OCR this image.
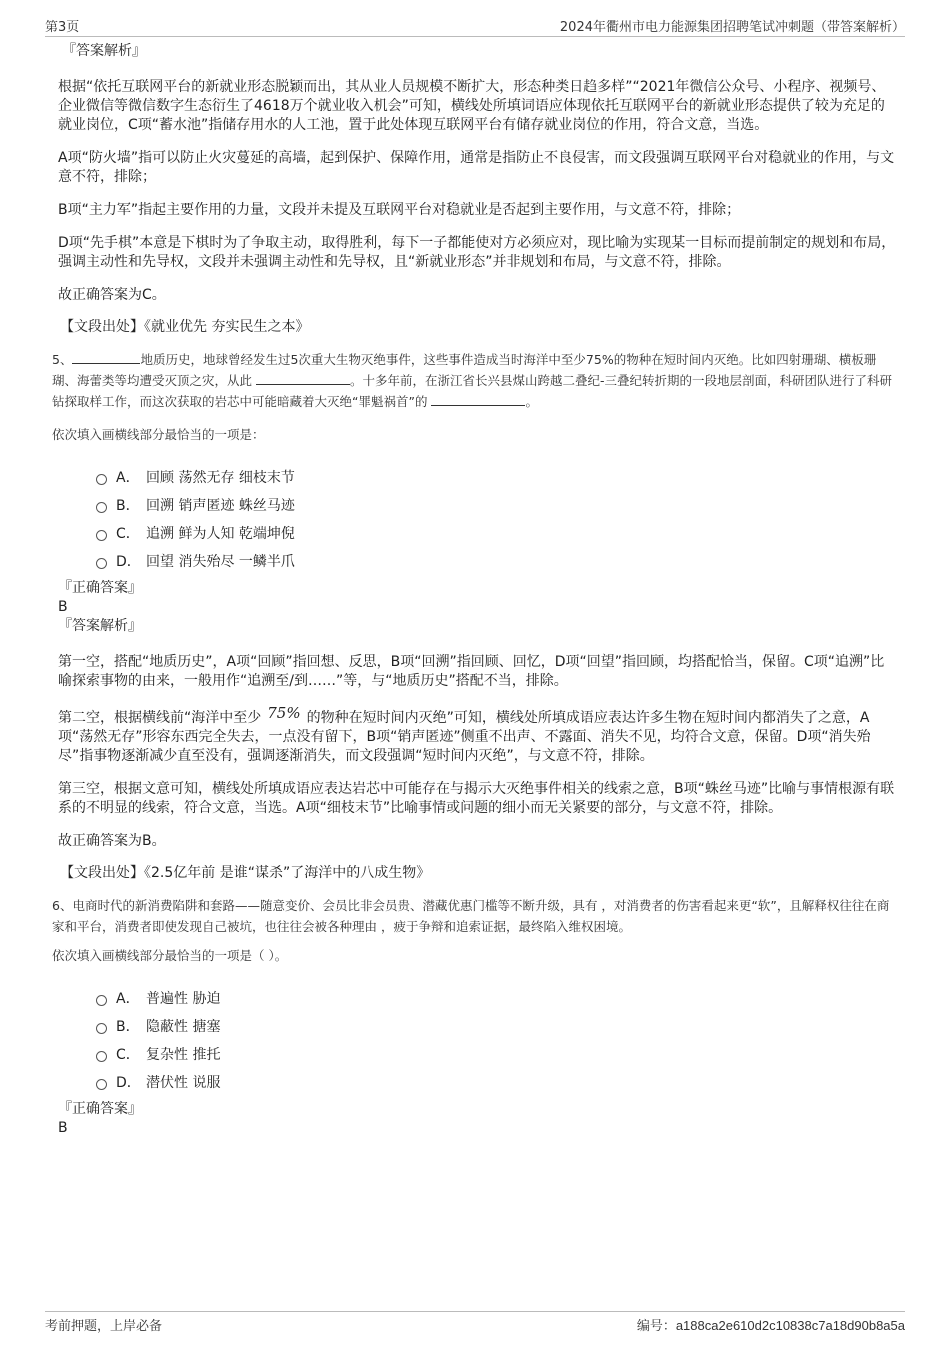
第3页	2024年衢州市电力能源集团招聘笔试冲刺题（带答案解析）

『答案解析』

根据“依托互联网平台的新就业形态脱颖而出，其从业人员规模不断扩大，形态种类日趋多样”“2021年微信公众号、小程序、视频号、企业微信等微信数字生态衍生了4618万个就业收入机会”可知，横线处所填词语应体现依托互联网平台的新就业形态提供了较为充足的就业岗位，C项“蓄水池”指储存用水的人工池，置于此处体现互联网平台有储存就业岗位的作用，符合文意，当选。

A项“防火墙”指可以防止火灾蔓延的高墙，起到保护、保障作用，通常是指防止不良侵害，而文段强调互联网平台对稳就业的作用，与文意不符，排除；

B项“主力军”指起主要作用的力量，文段并未提及互联网平台对稳就业是否起到主要作用，与文意不符，排除；

D项“先手棋”本意是下棋时为了争取主动，取得胜利，每下一子都能使对方必须应对，现比喻为实现某一目标而提前制定的规划和布局，强调主动性和先导权，文段并未强调主动性和先导权，且“新就业形态”并非规划和布局，与文意不符，排除。

故正确答案为C。

【文段出处】《就业优先 夯实民生之本》

5、	地质历史，地球曾经发生过5次重大生物灭绝事件，这些事件造成当时海洋中至少75%的物种在短时间内灭绝。比如四射珊瑚、横板珊瑚、海蕾类等均遭受灭顶之灾，从此	。十多年前，在浙江省长兴县煤山跨越二叠纪-三叠纪转折期的一段地层剖面，科研团队进行了科研钻探取样工作，而这次获取的岩芯中可能暗藏着大灭绝“罪魁祸首”的	。

依次填入画横线部分最恰当的一项是：

A． 回顾 荡然无存 细枝末节
B． 回溯 销声匿迹 蛛丝马迹
C． 追溯 鲜为人知 乾端坤倪
D． 回望 消失殆尽 一鳞半爪

『正确答案』

B

『答案解析』

第一空，搭配“地质历史”，A项“回顾”指回想、反思，B项“回溯”指回顾、回忆，D项“回望”指回顾，均搭配恰当，保留。C项“追溯”比喻探索事物的由来，一般用作“追溯至/到……”等，与“地质历史”搭配不当，排除。

第二空，根据横线前“海洋中至少 75% 的物种在短时间内灭绝”可知，横线处所填成语应表达许多生物在短时间内都消失了之意，A项“荡然无存”形容东西完全失去，一点没有留下，B项“销声匿迹”侧重不出声、不露面、消失不见，均符合文意，保留。D项“消失殆尽”指事物逐渐减少直至没有，强调逐渐消失，而文段强调“短时间内灭绝”，与文意不符，排除。

第三空，根据文意可知，横线处所填成语应表达岩芯中可能存在与揭示大灭绝事件相关的线索之意，B项“蛛丝马迹”比喻与事情根源有联系的不明显的线索，符合文意，当选。A项“细枝末节”比喻事情或问题的细小而无关紧要的部分，与文意不符，排除。

故正确答案为B。

【文段出处】《2.5亿年前 是谁“谋杀”了海洋中的八成生物》

6、电商时代的新消费陷阱和套路——随意变价、会员比非会员贵、潜藏优惠门槛等不断升级，具有 ，对消费者的伤害看起来更“软”，且解释权往往在商家和平台，消费者即使发现自己被坑，也往往会被各种理由 ，疲于争辩和追索证据，最终陷入维权困境。

依次填入画横线部分最恰当的一项是（ ）。

A． 普遍性 胁迫
B． 隐蔽性 搪塞
C． 复杂性 推托
D． 潜伏性 说服

『正确答案』

B

考前押题，上岸必备	编号：a188ca2e610d2c10838c7a18d90b8a5a
